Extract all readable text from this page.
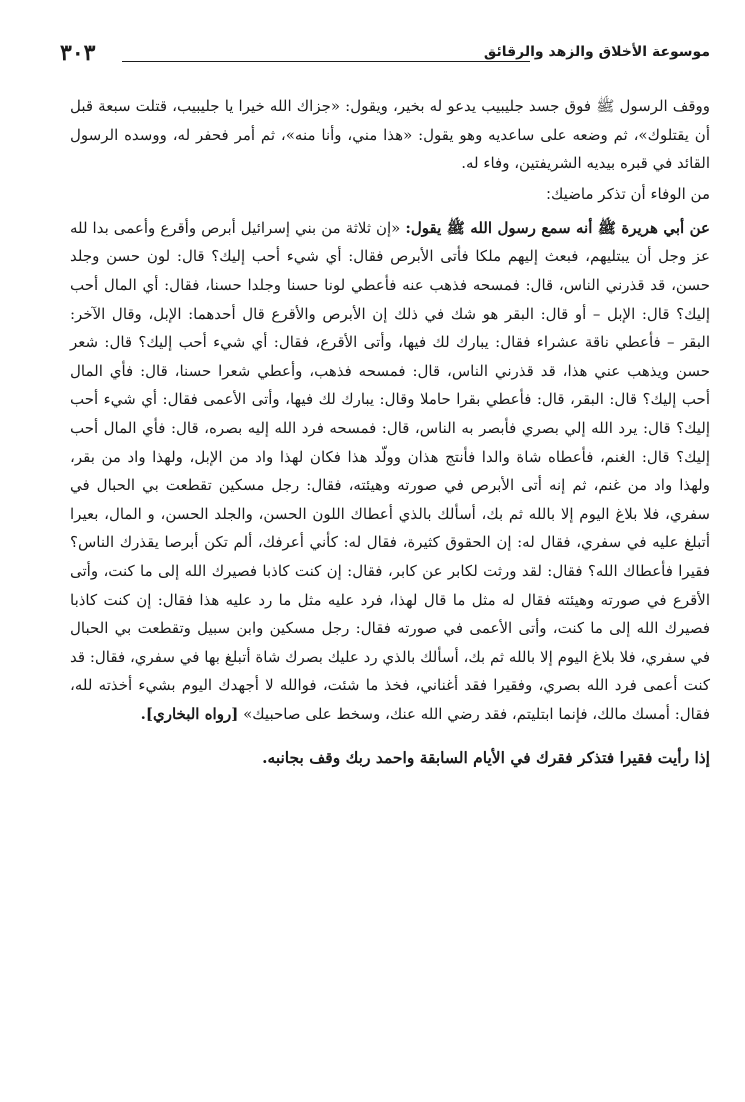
موسوعة الأخلاق والزهد والرقائق
٣٠٣

ووقف الرسول ﷺ فوق جسد جليبيب يدعو له بخير، ويقول: «جزاك الله خيرا يا جليبيب، قتلت سبعة قبل أن يقتلوك»، ثم وضعه على ساعديه وهو يقول: «هذا مني، وأنا منه»، ثم أمر فحفر له، ووسده الرسول القائد في قبره بيديه الشريفتين، وفاء له.

من الوفاء أن تذكر ماضيك:

عن أبي هريرة ﷺ أنه سمع رسول الله ﷺ يقول: «إن ثلاثة من بني إسرائيل أبرص وأقرع وأعمى بدا لله عز وجل أن يبتليهم، فبعث إليهم ملكا فأتى الأبرص فقال: أي شيء أحب إليك؟ قال: لون حسن وجلد حسن، قد قذرني الناس، قال: فمسحه فذهب عنه فأعطي لونا حسنا وجلدا حسنا، فقال: أي المال أحب إليك؟ قال: الإبل – أو قال: البقر هو شك في ذلك إن الأبرص والأقرع قال أحدهما: الإبل، وقال الآخر: البقر – فأعطي ناقة عشراء فقال: يبارك لك فيها، وأتى الأقرع، فقال: أي شيء أحب إليك؟ قال: شعر حسن ويذهب عني هذا، قد قذرني الناس، قال: فمسحه فذهب، وأعطي شعرا حسنا، قال: فأي المال أحب إليك؟ قال: البقر، قال: فأعطي بقرا حاملا وقال: يبارك لك فيها، وأتى الأعمى فقال: أي شيء أحب إليك؟ قال: يرد الله إلي بصري فأبصر به الناس، قال: فمسحه فرد الله إليه بصره، قال: فأي المال أحب إليك؟ قال: الغنم، فأعطاه شاة والدا فأنتج هذان وولّد هذا فكان لهذا واد من الإبل، ولهذا واد من بقر، ولهذا واد من غنم، ثم إنه أتى الأبرص في صورته وهيئته، فقال: رجل مسكين تقطعت بي الحبال في سفري، فلا بلاغ اليوم إلا بالله ثم بك، أسألك بالذي أعطاك اللون الحسن، والجلد الحسن، و المال، بعيرا أتبلغ عليه في سفري، فقال له: إن الحقوق كثيرة، فقال له: كأني أعرفك، ألم تكن أبرصا يقذرك الناس؟ فقيرا فأعطاك الله؟ فقال: لقد ورثت لكابر عن كابر، فقال: إن كنت كاذبا فصيرك الله إلى ما كنت، وأتى الأقرع في صورته وهيئته فقال له مثل ما قال لهذا، فرد عليه مثل ما رد عليه هذا فقال: إن كنت كاذبا فصيرك الله إلى ما كنت، وأتى الأعمى في صورته فقال: رجل مسكين وابن سبيل وتقطعت بي الحبال في سفري، فلا بلاغ اليوم إلا بالله ثم بك، أسألك بالذي رد عليك بصرك شاة أتبلغ بها في سفري، فقال: قد كنت أعمى فرد الله بصري، وفقيرا فقد أغناني، فخذ ما شئت، فوالله لا أجهدك اليوم بشيء أخذته لله، فقال: أمسك مالك، فإنما ابتليتم، فقد رضي الله عنك، وسخط على صاحبيك» [رواه البخاري].

إذا رأيت فقيرا فتذكر فقرك في الأيام السابقة واحمد ربك وقف بجانبه.
